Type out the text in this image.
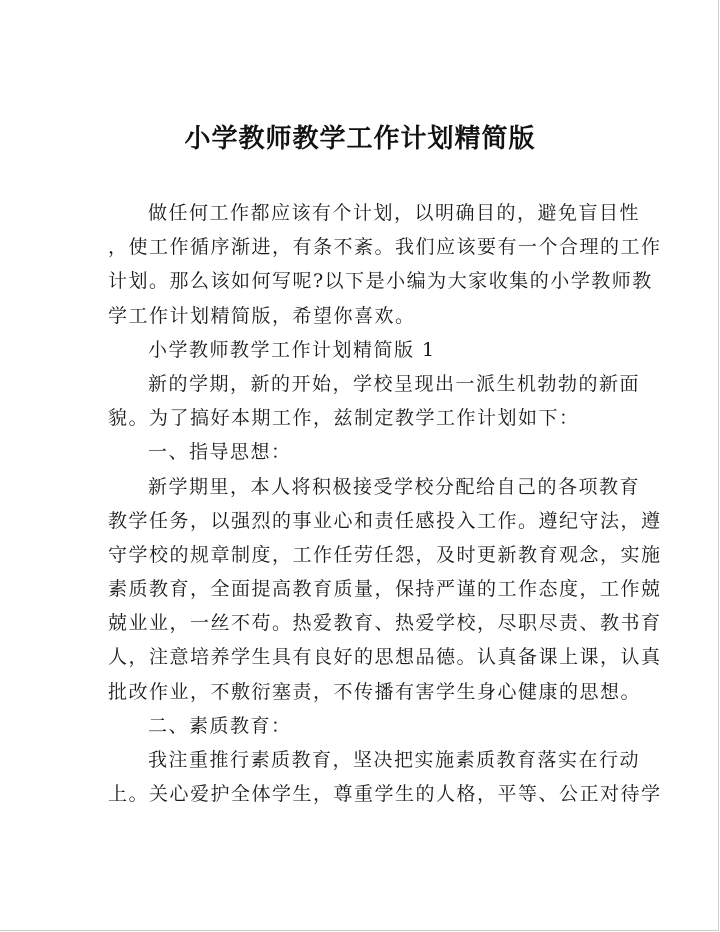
小学教师教学工作计划精简版
做任何工作都应该有个计划，以明确目的，避免盲目性
，使工作循序渐进，有条不紊。我们应该要有一个合理的工作
计划。那么该如何写呢?以下是小编为大家收集的小学教师教
学工作计划精简版，希望你喜欢。
小学教师教学工作计划精简版 1
新的学期，新的开始，学校呈现出一派生机勃勃的新面
貌。为了搞好本期工作，兹制定教学工作计划如下：
一、指导思想：
新学期里，本人将积极接受学校分配给自己的各项教育
教学任务，以强烈的事业心和责任感投入工作。遵纪守法，遵
守学校的规章制度，工作任劳任怨，及时更新教育观念，实施
素质教育，全面提高教育质量，保持严谨的工作态度，工作兢
兢业业，一丝不苟。热爱教育、热爱学校，尽职尽责、教书育
人，注意培养学生具有良好的思想品德。认真备课上课，认真
批改作业，不敷衍塞责，不传播有害学生身心健康的思想。
二、素质教育：
我注重推行素质教育，坚决把实施素质教育落实在行动
上。关心爱护全体学生，尊重学生的人格，平等、公正对待学
